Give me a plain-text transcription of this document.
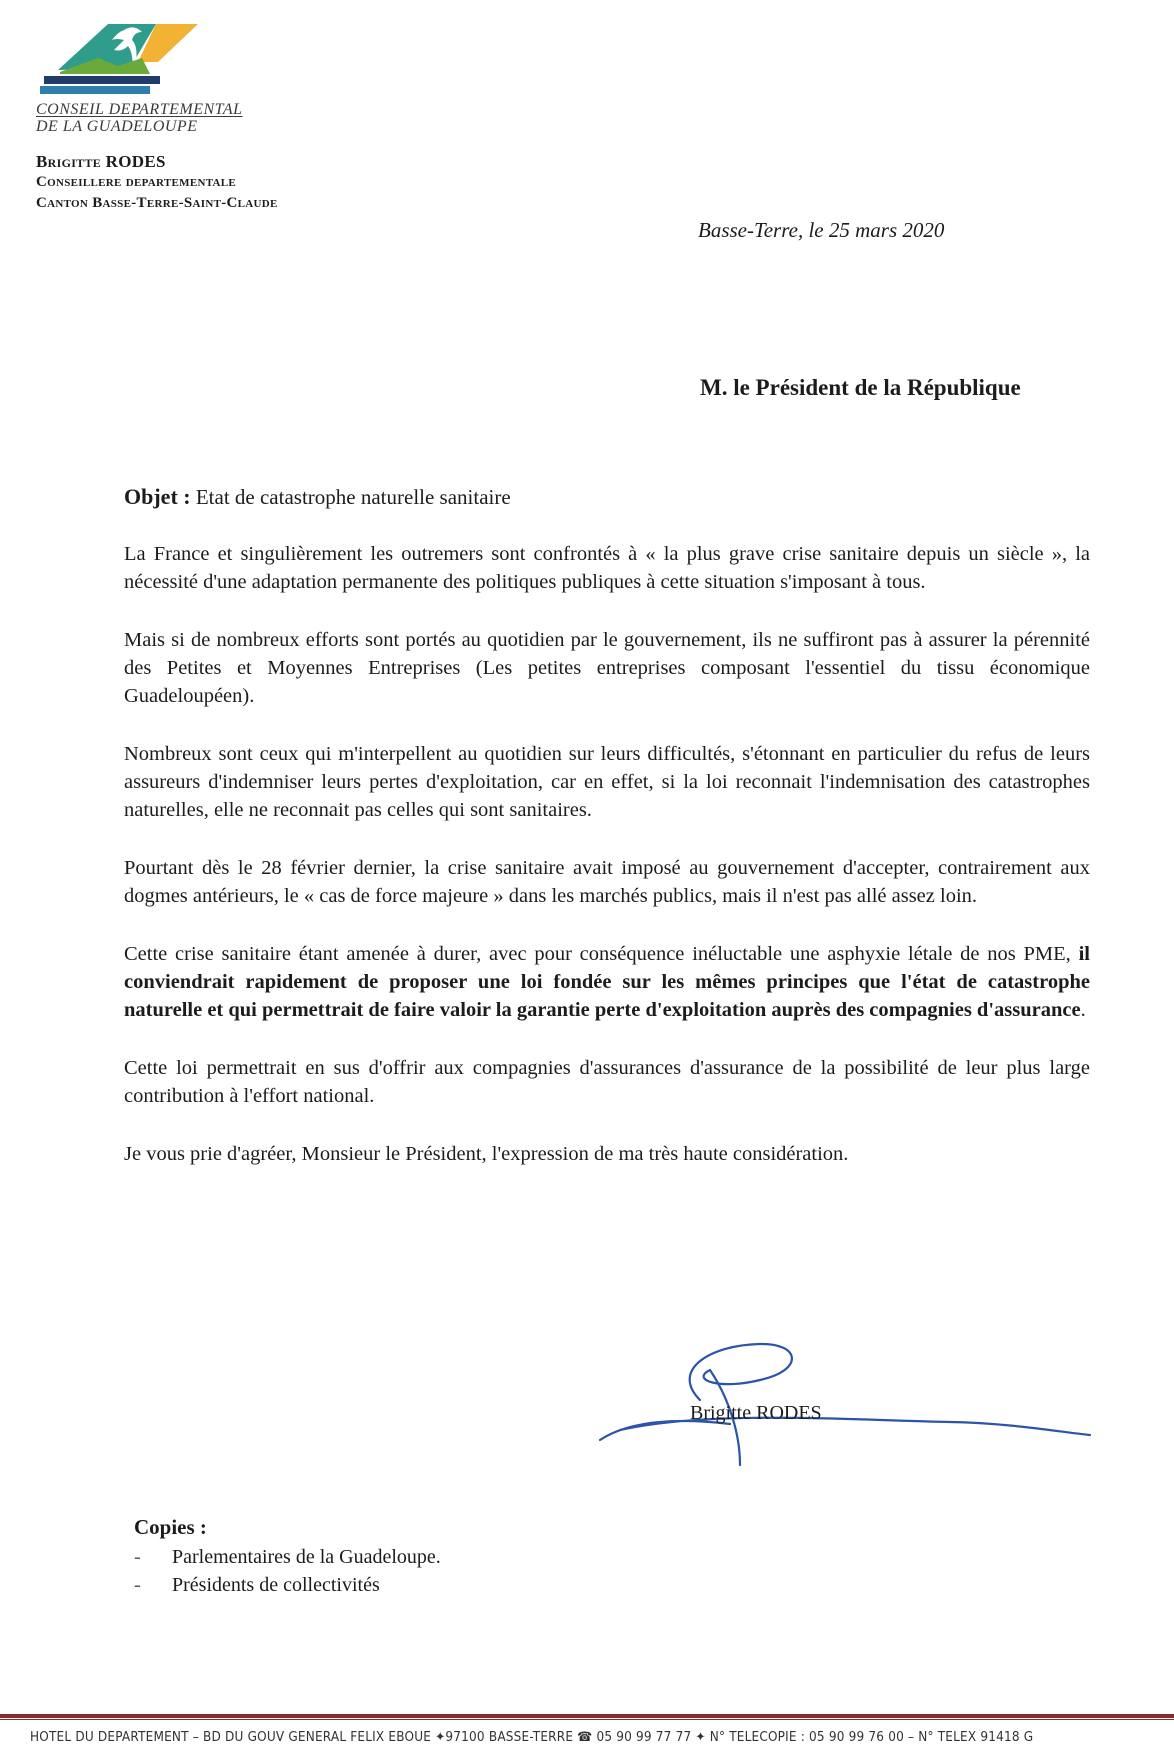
CONSEIL DEPARTEMENTAL
DE LA GUADELOUPE
Brigitte RODES
Conseillere departementale
Canton Basse-Terre-Saint-Claude
Basse-Terre, le 25 mars 2020
M. le Président de la République
Objet : Etat de catastrophe naturelle sanitaire

La France et singulièrement les outremers sont confrontés à « la plus grave crise sanitaire depuis un siècle », la nécessité d'une adaptation permanente des politiques publiques à cette situation s'imposant à tous.

Mais si de nombreux efforts sont portés au quotidien par le gouvernement, ils ne suffiront pas à assurer la pérennité des Petites et Moyennes Entreprises (Les petites entreprises composant l'essentiel du tissu économique Guadeloupéen).

Nombreux sont ceux qui m'interpellent au quotidien sur leurs difficultés, s'étonnant en particulier du refus de leurs assureurs d'indemniser leurs pertes d'exploitation, car en effet, si la loi reconnait l'indemnisation des catastrophes naturelles, elle ne reconnait pas celles qui sont sanitaires.

Pourtant dès le 28 février dernier, la crise sanitaire avait imposé au gouvernement d'accepter, contrairement aux dogmes antérieurs, le « cas de force majeure » dans les marchés publics, mais il n'est pas allé assez loin.

Cette crise sanitaire étant amenée à durer, avec pour conséquence inéluctable une asphyxie létale de nos PME, il conviendrait rapidement de proposer une loi fondée sur les mêmes principes que l'état de catastrophe naturelle et qui permettrait de faire valoir la garantie perte d'exploitation auprès des compagnies d'assurance.

Cette loi permettrait en sus d'offrir aux compagnies d'assurances d'assurance de la possibilité de leur plus large contribution à l'effort national.

Je vous prie d'agréer, Monsieur le Président, l'expression de ma très haute considération.

Brigitte RODES
Copies :
- Parlementaires de la Guadeloupe.
- Présidents de collectivités
HOTEL DU DEPARTEMENT – BD DU GOUV GENERAL FELIX EBOUE ✦97100 BASSE-TERRE ☎ 05 90 99 77 77 ✦ N° TELECOPIE : 05 90 99 76 00 – N° TELEX 91418 G
